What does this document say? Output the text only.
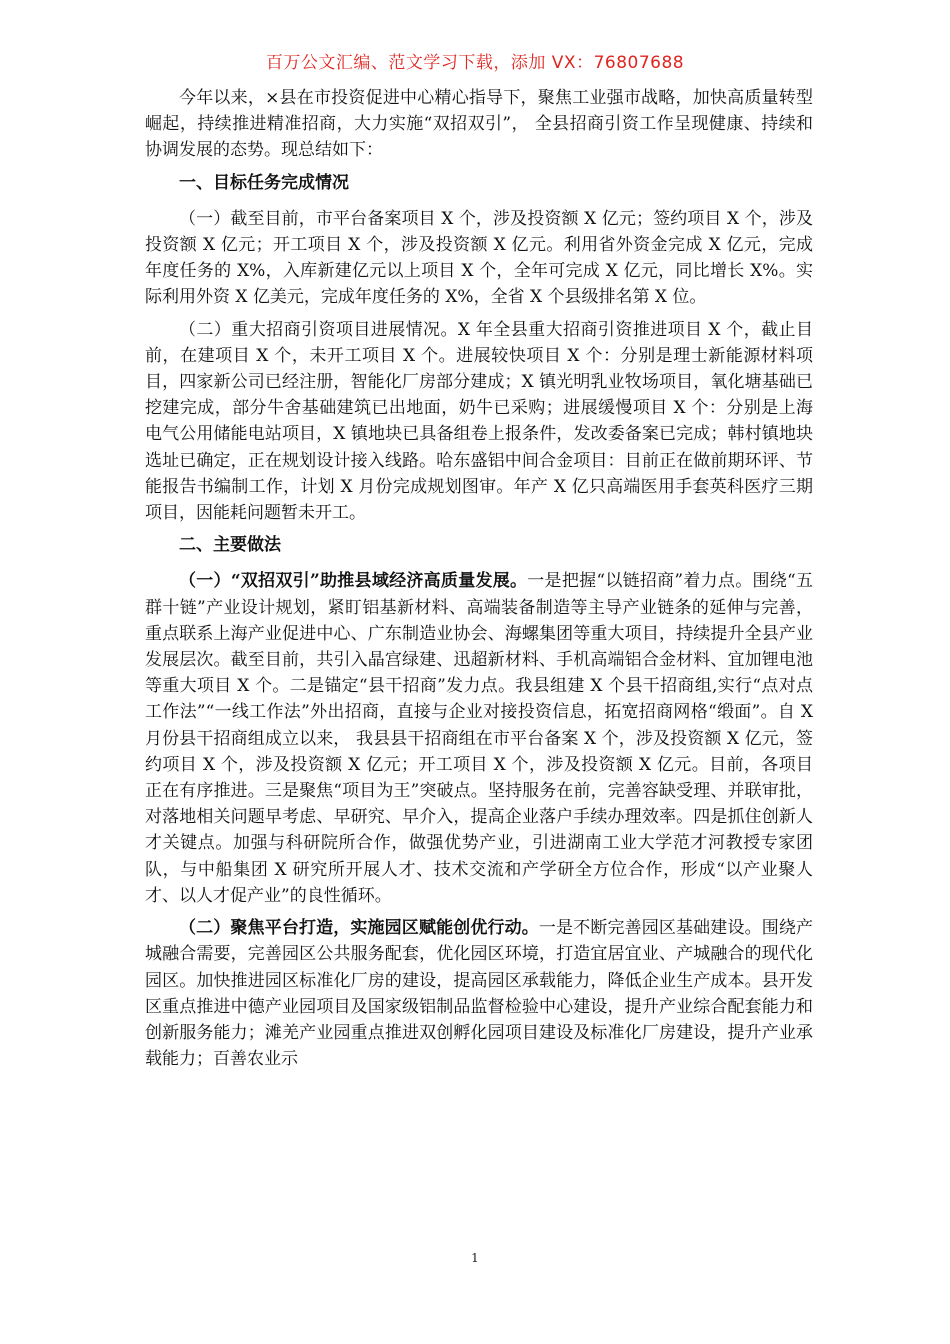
百万公文汇编、范文学习下载，添加 VX：76807688

今年以来，×县在市投资促进中心精心指导下，聚焦工业强市战略，加快高质量转型崛起，持续推进精准招商，大力实施“双招双引”， 全县招商引资工作呈现健康、持续和协调发展的态势。现总结如下：

一、目标任务完成情况

（一）截至目前，市平台备案项目 X 个，涉及投资额 X 亿元；签约项目 X 个，涉及投资额 X 亿元；开工项目 X 个，涉及投资额 X 亿元。利用省外资金完成 X 亿元，完成年度任务的 X%，入库新建亿元以上项目 X 个，全年可完成 X 亿元，同比增长 X%。实际利用外资 X 亿美元，完成年度任务的 X%，全省 X 个县级排名第 X 位。

（二）重大招商引资项目进展情况。X 年全县重大招商引资推进项目 X 个，截止目前，在建项目 X 个，未开工项目 X 个。进展较快项目 X 个：分别是理士新能源材料项目，四家新公司已经注册，智能化厂房部分建成；X 镇光明乳业牧场项目，氧化塘基础已挖建完成，部分牛舍基础建筑已出地面，奶牛已采购；进展缓慢项目 X 个：分别是上海电气公用储能电站项目，X 镇地块已具备组卷上报条件，发改委备案已完成；韩村镇地块选址已确定，正在规划设计接入线路。哈东盛铝中间合金项目：目前正在做前期环评、节能报告书编制工作，计划 X 月份完成规划图审。年产 X 亿只高端医用手套英科医疗三期项目，因能耗问题暂未开工。

二、主要做法

（一）“双招双引”助推县域经济高质量发展。一是把握“以链招商”着力点。围绕“五群十链”产业设计规划，紧盯铝基新材料、高端装备制造等主导产业链条的延伸与完善，重点联系上海产业促进中心、广东制造业协会、海螺集团等重大项目，持续提升全县产业发展层次。截至目前，共引入晶宫绿建、迅超新材料、手机高端铝合金材料、宜加锂电池等重大项目 X 个。二是锚定“县干招商”发力点。我县组建 X 个县干招商组,实行“点对点工作法”“一线工作法”外出招商，直接与企业对接投资信息，拓宽招商网格“缎面”。自 X 月份县干招商组成立以来， 我县县干招商组在市平台备案 X 个，涉及投资额 X 亿元，签约项目 X 个，涉及投资额 X 亿元；开工项目 X 个，涉及投资额 X 亿元。目前，各项目正在有序推进。三是聚焦“项目为王”突破点。坚持服务在前，完善容缺受理、并联审批，对落地相关问题早考虑、早研究、早介入，提高企业落户手续办理效率。四是抓住创新人才关键点。加强与科研院所合作，做强优势产业，引进湖南工业大学范才河教授专家团队，与中船集团 X 研究所开展人才、技术交流和产学研全方位合作，形成“以产业聚人才、以人才促产业”的良性循环。

（二）聚焦平台打造，实施园区赋能创优行动。一是不断完善园区基础建设。围绕产城融合需要，完善园区公共服务配套，优化园区环境，打造宜居宜业、产城融合的现代化园区。加快推进园区标准化厂房的建设，提高园区承载能力，降低企业生产成本。县开发区重点推进中德产业园项目及国家级铝制品监督检验中心建设，提升产业综合配套能力和创新服务能力；滩羌产业园重点推进双创孵化园项目建设及标准化厂房建设，提升产业承载能力；百善农业示

1
